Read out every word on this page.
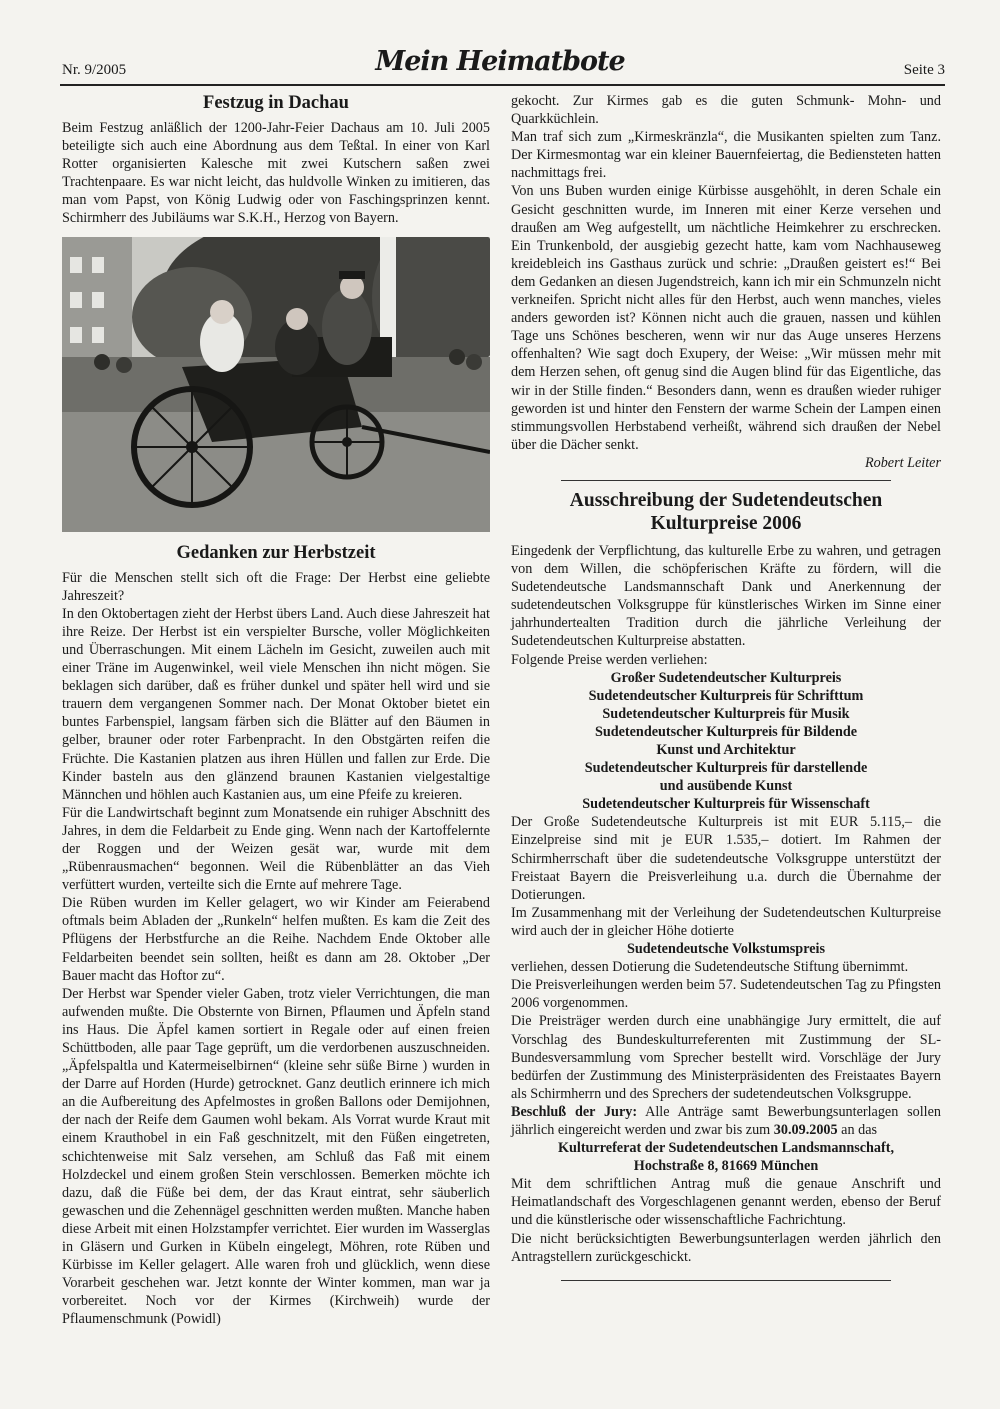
Nr. 9/2005	Mein Heimatbote	Seite 3
Festzug in Dachau

Beim Festzug anläßlich der 1200-Jahr-Feier Dachaus am 10. Juli 2005 beteiligte sich auch eine Abordnung aus dem Teßtal. In einer von Karl Rotter organisierten Kalesche mit zwei Kutschern saßen zwei Trachtenpaare. Es war nicht leicht, das huldvolle Winken zu imitieren, das man vom Papst, von König Ludwig oder von Faschingsprinzen kennt. Schirmherr des Jubiläums war S.K.H., Herzog von Bayern.

Gedanken zur Herbstzeit

Für die Menschen stellt sich oft die Frage: Der Herbst eine geliebte Jahreszeit?

In den Oktobertagen zieht der Herbst übers Land. Auch diese Jahreszeit hat ihre Reize. Der Herbst ist ein verspielter Bursche, voller Möglichkeiten und Überraschungen. Mit einem Lächeln im Gesicht, zuweilen auch mit einer Träne im Augenwinkel, weil viele Menschen ihn nicht mögen. Sie beklagen sich darüber, daß es früher dunkel und später hell wird und sie trauern dem vergangenen Sommer nach. Der Monat Oktober bietet ein buntes Farbenspiel, langsam färben sich die Blätter auf den Bäumen in gelber, brauner oder roter Farbenpracht. In den Obstgärten reifen die Früchte. Die Kastanien platzen aus ihren Hüllen und fallen zur Erde. Die Kinder basteln aus den glänzend braunen Kastanien vielgestaltige Männchen und höhlen auch Kastanien aus, um eine Pfeife zu kreieren.

Für die Landwirtschaft beginnt zum Monatsende ein ruhiger Abschnitt des Jahres, in dem die Feldarbeit zu Ende ging. Wenn nach der Kartoffelernte der Roggen und der Weizen gesät war, wurde mit dem „Rübenrausmachen“ begonnen. Weil die Rübenblätter an das Vieh verfüttert wurden, verteilte sich die Ernte auf mehrere Tage.

Die Rüben wurden im Keller gelagert, wo wir Kinder am Feierabend oftmals beim Abladen der „Runkeln“ helfen mußten. Es kam die Zeit des Pflügens der Herbstfurche an die Reihe. Nachdem Ende Oktober alle Feldarbeiten beendet sein sollten, heißt es dann am 28. Oktober „Der Bauer macht das Hoftor zu“.

Der Herbst war Spender vieler Gaben, trotz vieler Verrichtungen, die man aufwenden mußte. Die Obsternte von Birnen, Pflaumen und Äpfeln stand ins Haus. Die Äpfel kamen sortiert in Regale oder auf einen freien Schüttboden, alle paar Tage geprüft, um die verdorbenen auszuschneiden. „Äpfelspaltla und Katermeiselbirnen“ (kleine sehr süße Birne ) wurden in der Darre auf Horden (Hurde) getrocknet. Ganz deutlich erinnere ich mich an die Aufbereitung des Apfelmostes in großen Ballons oder Demijohnen, der nach der Reife dem Gaumen wohl bekam. Als Vorrat wurde Kraut mit einem Krauthobel in ein Faß geschnitzelt, mit den Füßen eingetreten, schichtenweise mit Salz versehen, am Schluß das Faß mit einem Holzdeckel und einem großen Stein verschlossen. Bemerken möchte ich dazu, daß die Füße bei dem, der das Kraut eintrat, sehr säuberlich gewaschen und die Zehennägel geschnitten werden mußten. Manche haben diese Arbeit mit einen Holzstampfer verrichtet. Eier wurden im Wasserglas in Gläsern und Gurken in Kübeln eingelegt, Möhren, rote Rüben und Kürbisse im Keller gelagert. Alle waren froh und glücklich, wenn diese Vorarbeit geschehen war. Jetzt konnte der Winter kommen, man war ja vorbereitet. Noch vor der Kirmes (Kirchweih) wurde der Pflaumenschmunk (Powidl)

gekocht. Zur Kirmes gab es die guten Schmunk- Mohn- und Quarkküchlein.

Man traf sich zum „Kirmeskränzla“, die Musikanten spielten zum Tanz. Der Kirmesmontag war ein kleiner Bauernfeiertag, die Bediensteten hatten nachmittags frei.

Von uns Buben wurden einige Kürbisse ausgehöhlt, in deren Schale ein Gesicht geschnitten wurde, im Inneren mit einer Kerze versehen und draußen am Weg aufgestellt, um nächtliche Heimkehrer zu erschrecken. Ein Trunkenbold, der ausgiebig gezecht hatte, kam vom Nachhauseweg kreidebleich ins Gasthaus zurück und schrie: „Draußen geistert es!“ Bei dem Gedanken an diesen Jugendstreich, kann ich mir ein Schmunzeln nicht verkneifen. Spricht nicht alles für den Herbst, auch wenn manches, vieles anders geworden ist? Können nicht auch die grauen, nassen und kühlen Tage uns Schönes bescheren, wenn wir nur das Auge unseres Herzens offenhalten? Wie sagt doch Exupery, der Weise: „Wir müssen mehr mit dem Herzen sehen, oft genug sind die Augen blind für das Eigentliche, das wir in der Stille finden.“ Besonders dann, wenn es draußen wieder ruhiger geworden ist und hinter den Fenstern der warme Schein der Lampen einen stimmungsvollen Herbstabend verheißt, während sich draußen der Nebel über die Dächer senkt.

Robert Leiter
Ausschreibung der Sudetendeutschen
Kulturpreise 2006

Eingedenk der Verpflichtung, das kulturelle Erbe zu wahren, und getragen von dem Willen, die schöpferischen Kräfte zu fördern, will die Sudetendeutsche Landsmannschaft Dank und Anerkennung der sudetendeutschen Volksgruppe für künstlerisches Wirken im Sinne einer jahrhundertealten Tradition durch die jährliche Verleihung der Sudetendeutschen Kulturpreise abstatten.

Folgende Preise werden verliehen:

Großer Sudetendeutscher Kulturpreis
Sudetendeutscher Kulturpreis für Schrifttum
Sudetendeutscher Kulturpreis für Musik
Sudetendeutscher Kulturpreis für Bildende
Kunst und Architektur
Sudetendeutscher Kulturpreis für darstellende
und ausübende Kunst
Sudetendeutscher Kulturpreis für Wissenschaft

Der Große Sudetendeutsche Kulturpreis ist mit EUR 5.115,– die Einzelpreise sind mit je EUR 1.535,– dotiert. Im Rahmen der Schirmherrschaft über die sudetendeutsche Volksgruppe unterstützt der Freistaat Bayern die Preisverleihung u.a. durch die Übernahme der Dotierungen.

Im Zusammenhang mit der Verleihung der Sudetendeutschen Kulturpreise wird auch der in gleicher Höhe dotierte

Sudetendeutsche Volkstumspreis

verliehen, dessen Dotierung die Sudetendeutsche Stiftung übernimmt.

Die Preisverleihungen werden beim 57. Sudetendeutschen Tag zu Pfingsten 2006 vorgenommen.

Die Preisträger werden durch eine unabhängige Jury ermittelt, die auf Vorschlag des Bundeskulturreferenten mit Zustimmung der SL-Bundesversammlung vom Sprecher bestellt wird. Vorschläge der Jury bedürfen der Zustimmung des Ministerpräsidenten des Freistaates Bayern als Schirmherrn und des Sprechers der sudetendeutschen Volksgruppe.

Beschluß der Jury: Alle Anträge samt Bewerbungsunterlagen sollen jährlich eingereicht werden und zwar bis zum 30.09.2005 an das

Kulturreferat der Sudetendeutschen Landsmannschaft,
Hochstraße 8, 81669 München

Mit dem schriftlichen Antrag muß die genaue Anschrift und Heimatlandschaft des Vorgeschlagenen genannt werden, ebenso der Beruf und die künstlerische oder wissenschaftliche Fachrichtung.

Die nicht berücksichtigten Bewerbungsunterlagen werden jährlich den Antragstellern zurückgeschickt.
